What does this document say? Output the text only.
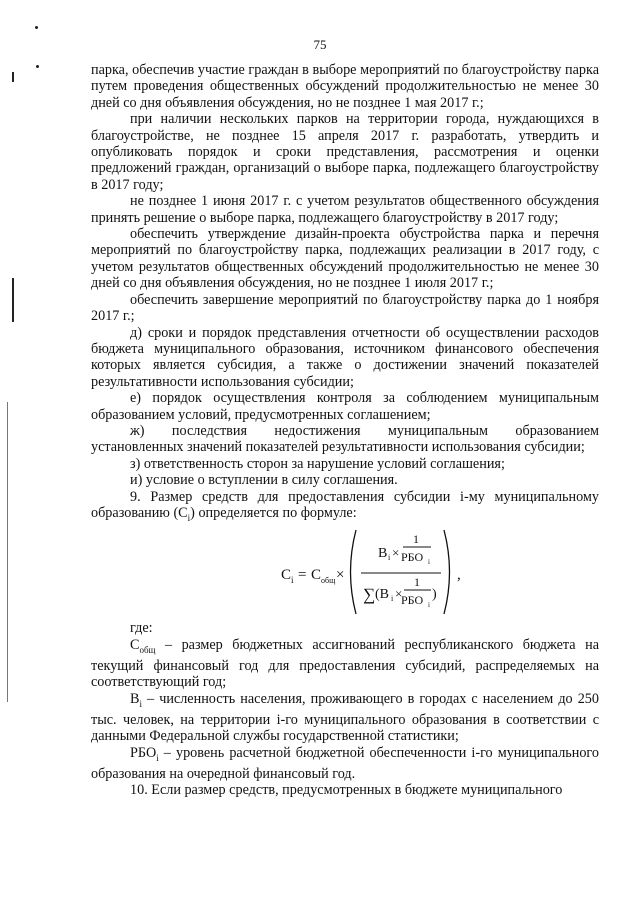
75

парка, обеспечив участие граждан в выборе мероприятий по благоустройству парка путем проведения общественных обсуждений продолжительностью не менее 30 дней со дня объявления обсуждения, но не позднее 1 мая 2017 г.;

при наличии нескольких парков на территории города, нуждающихся в благоустройстве, не позднее 15 апреля 2017 г. разработать, утвердить и опубликовать порядок и сроки представления, рассмотрения и оценки предложений граждан, организаций о выборе парка, подлежащего благоустройству в 2017 году;

не позднее 1 июня 2017 г. с учетом результатов общественного обсуждения принять решение о выборе парка, подлежащего благоустройству в 2017 году;

обеспечить утверждение дизайн-проекта обустройства парка и перечня мероприятий по благоустройству парка, подлежащих реализации в 2017 году, с учетом результатов общественных обсуждений продолжительностью не менее 30 дней со дня объявления обсуждения, но не позднее 1 июля 2017 г.;

обеспечить завершение мероприятий по благоустройству парка до 1 ноября 2017 г.;

д) сроки и порядок представления отчетности об осуществлении расходов бюджета муниципального образования, источником финансового обеспечения которых является субсидия, а также о достижении значений показателей результативности использования субсидии;

е) порядок осуществления контроля за соблюдением муниципальным образованием условий, предусмотренных соглашением;

ж) последствия недостижения муниципальным образованием установленных значений показателей результативности использования субсидии;

з) ответственность сторон за нарушение условий соглашения;

и) условие о вступлении в силу соглашения.

9. Размер средств для предоставления субсидии i-му муниципальному образованию $(C_i)$ определяется по формуле:

C i = C общ ×	,
B i ×
1
РБО i
∑ (B i ×
1
РБО i
)

где:

$C_{общ}$ – размер бюджетных ассигнований республиканского бюджета на текущий финансовый год для предоставления субсидий, распределяемых на соответствующий год;

$B_i$ – численность населения, проживающего в городах с населением до 250 тыс. человек, на территории i-го муниципального образования в соответствии с данными Федеральной службы государственной статистики;

$РБО_i$ – уровень расчетной бюджетной обеспеченности i-го муниципального образования на очередной финансовый год.

10. Если размер средств, предусмотренных в бюджете муниципального
